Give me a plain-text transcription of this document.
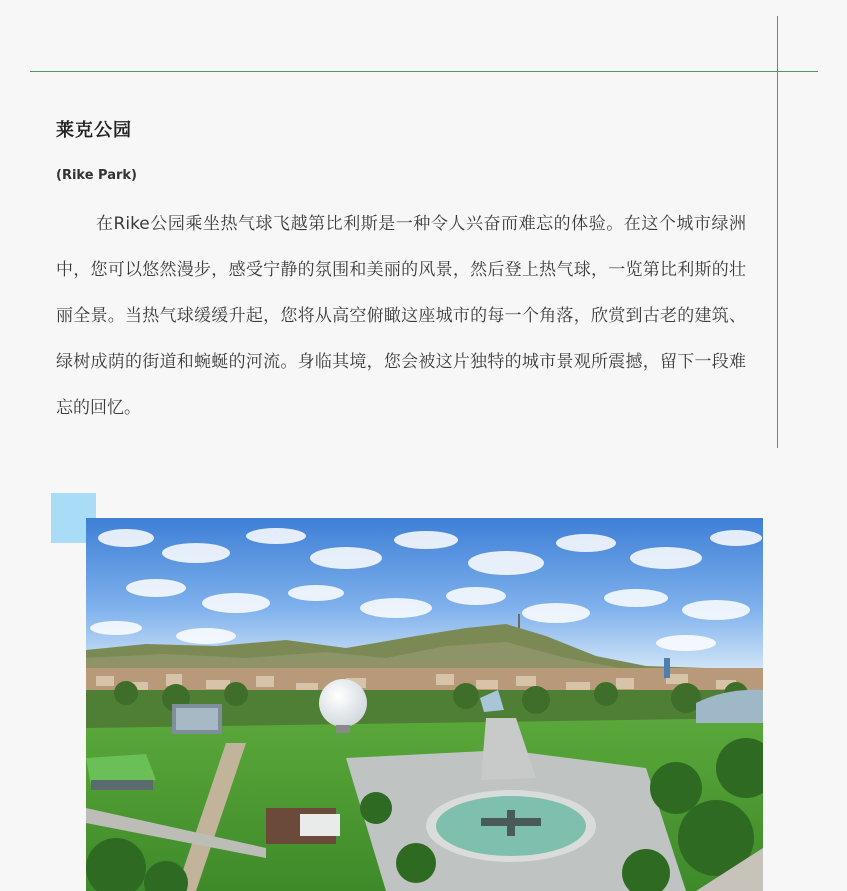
莱克公园
(Rike Park)

在Rike公园乘坐热气球飞越第比利斯是一种令人兴奋而难忘的体验。在这个城市绿洲中，您可以悠然漫步，感受宁静的氛围和美丽的风景，然后登上热气球，一览第比利斯的壮丽全景。当热气球缓缓升起，您将从高空俯瞰这座城市的每一个角落，欣赏到古老的建筑、绿树成荫的街道和蜿蜒的河流。身临其境，您会被这片独特的城市景观所震撼，留下一段难忘的回忆。
